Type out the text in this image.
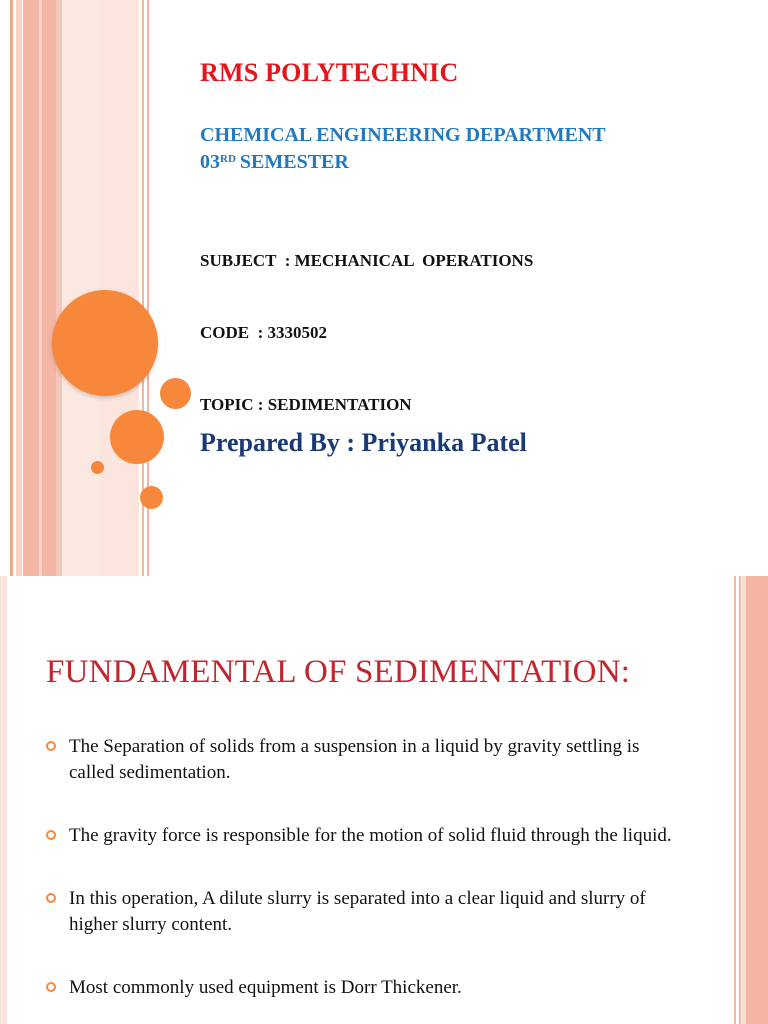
RMS POLYTECHNIC
CHEMICAL ENGINEERING DEPARTMENT
03RD SEMESTER

SUBJECT  : MECHANICAL  OPERATIONS

CODE  : 3330502

TOPIC : SEDIMENTATION

Prepared By : Priyanka Patel
FUNDAMENTAL OF SEDIMENTATION:
The Separation of solids from a suspension in a liquid by gravity settling is called sedimentation.
The gravity force is responsible for the motion of solid fluid through the liquid.
In this operation, A dilute slurry is separated into a clear liquid and slurry of higher slurry content.
Most commonly used equipment is Dorr Thickener.
